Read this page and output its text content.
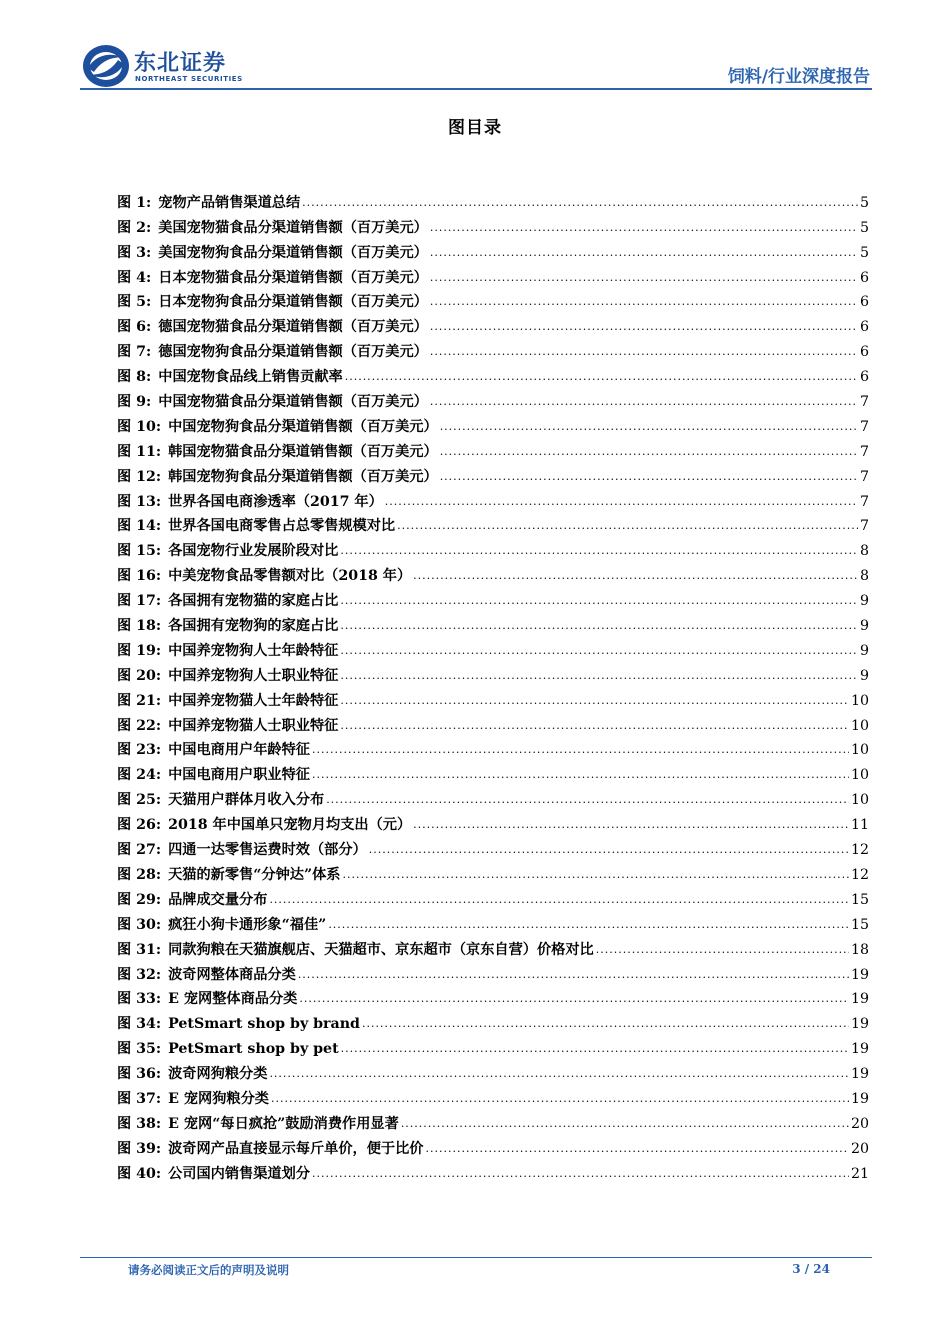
东北证券
NORTHEAST SECURITIES	饲料/行业深度报告
图目录
图 1: 宠物产品销售渠道总结 .....	5
图 2: 美国宠物猫食品分渠道销售额（百万美元） .....	5
图 3: 美国宠物狗食品分渠道销售额（百万美元） .....	5
图 4: 日本宠物猫食品分渠道销售额（百万美元） .....	6
图 5: 日本宠物狗食品分渠道销售额（百万美元） .....	6
图 6: 德国宠物猫食品分渠道销售额（百万美元） .....	6
图 7: 德国宠物狗食品分渠道销售额（百万美元） .....	6
图 8: 中国宠物食品线上销售贡献率 .....	6
图 9: 中国宠物猫食品分渠道销售额（百万美元） .....	7
图 10: 中国宠物狗食品分渠道销售额（百万美元） .....	7
图 11: 韩国宠物猫食品分渠道销售额（百万美元） .....	7
图 12: 韩国宠物狗食品分渠道销售额（百万美元） .....	7
图 13: 世界各国电商渗透率（2017 年） .....	7
图 14: 世界各国电商零售占总零售规模对比 .....	7
图 15: 各国宠物行业发展阶段对比 .....	8
图 16: 中美宠物食品零售额对比（2018 年） .....	8
图 17: 各国拥有宠物猫的家庭占比 .....	9
图 18: 各国拥有宠物狗的家庭占比 .....	9
图 19: 中国养宠物狗人士年龄特征 .....	9
图 20: 中国养宠物狗人士职业特征 .....	9
图 21: 中国养宠物猫人士年龄特征 .....	10
图 22: 中国养宠物猫人士职业特征 .....	10
图 23: 中国电商用户年龄特征 .....	10
图 24: 中国电商用户职业特征 .....	10
图 25: 天猫用户群体月收入分布 .....	10
图 26: 2018 年中国单只宠物月均支出（元） .....	11
图 27: 四通一达零售运费时效（部分） .....	12
图 28: 天猫的新零售“分钟达”体系 .....	12
图 29: 品牌成交量分布 .....	15
图 30: 疯狂小狗卡通形象“福佳” .....	15
图 31: 同款狗粮在天猫旗舰店、天猫超市、京东超市（京东自营）价格对比 .....	18
图 32: 波奇网整体商品分类 .....	19
图 33: E 宠网整体商品分类 .....	19
图 34: PetSmart shop by brand .....	19
图 35: PetSmart shop by pet .....	19
图 36: 波奇网狗粮分类 .....	19
图 37: E 宠网狗粮分类 .....	19
图 38: E 宠网“每日疯抢”鼓励消费作用显著 .....	20
图 39: 波奇网产品直接显示每斤单价，便于比价 .....	20
图 40: 公司国内销售渠道划分 .....	21
请务必阅读正文后的声明及说明	3 / 24
